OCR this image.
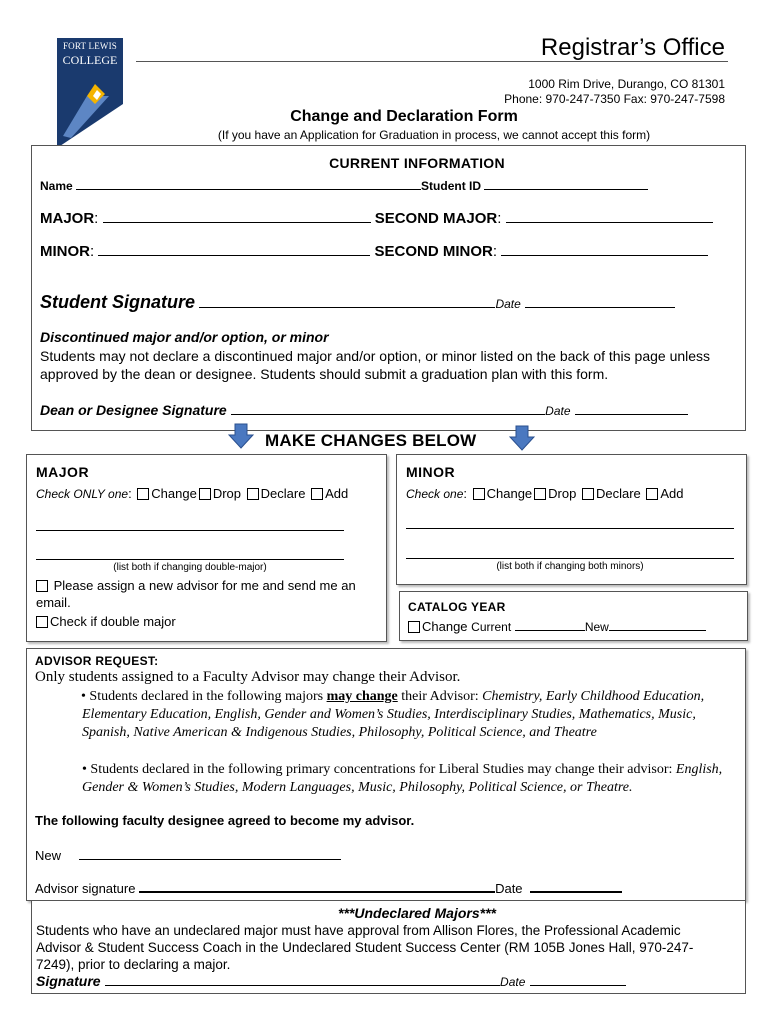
FORT LEWIS
COLLEGE	Registrar’s Office
1000 Rim Drive, Durango, CO 81301
Phone: 970-247-7350 Fax: 970-247-7598
Change and Declaration Form
(If you have an Application for Graduation in process, we cannot accept this form)
CURRENT INFORMATION
Name	Student ID
MAJOR:	SECOND MAJOR:
MINOR:	SECOND MINOR:
Student Signature	Date
Discontinued major and/or option, or minor
Students may not declare a discontinued major and/or option, or minor listed on the back of this page unless approved by the dean or designee. Students should submit a graduation plan with this form.
Dean or Designee Signature	Date
MAKE CHANGES BELOW
MAJOR
Check ONLY one: Change Drop Declare Add
(list both if changing double-major)
Please assign a new advisor for me and send me an email.
Check if double major
MINOR
Check one: Change Drop Declare Add
(list both if changing both minors)
CATALOG YEAR
Change Current	New
ADVISOR REQUEST:
Only students assigned to a Faculty Advisor may change their Advisor.
• Students declared in the following majors may change their Advisor: Chemistry, Early Childhood Education, Elementary Education, English, Gender and Women’s Studies, Interdisciplinary Studies, Mathematics, Music, Spanish, Native American & Indigenous Studies, Philosophy, Political Science, and Theatre
• Students declared in the following primary concentrations for Liberal Studies may change their advisor: English, Gender & Women’s Studies, Modern Languages, Music, Philosophy, Political Science, or Theatre.
The following faculty designee agreed to become my advisor.
New
Advisor signature	Date
***Undeclared Majors***
Students who have an undeclared major must have approval from Allison Flores, the Professional Academic Advisor & Student Success Coach in the Undeclared Student Success Center (RM 105B Jones Hall, 970-247-7249), prior to declaring a major.
Signature	Date
